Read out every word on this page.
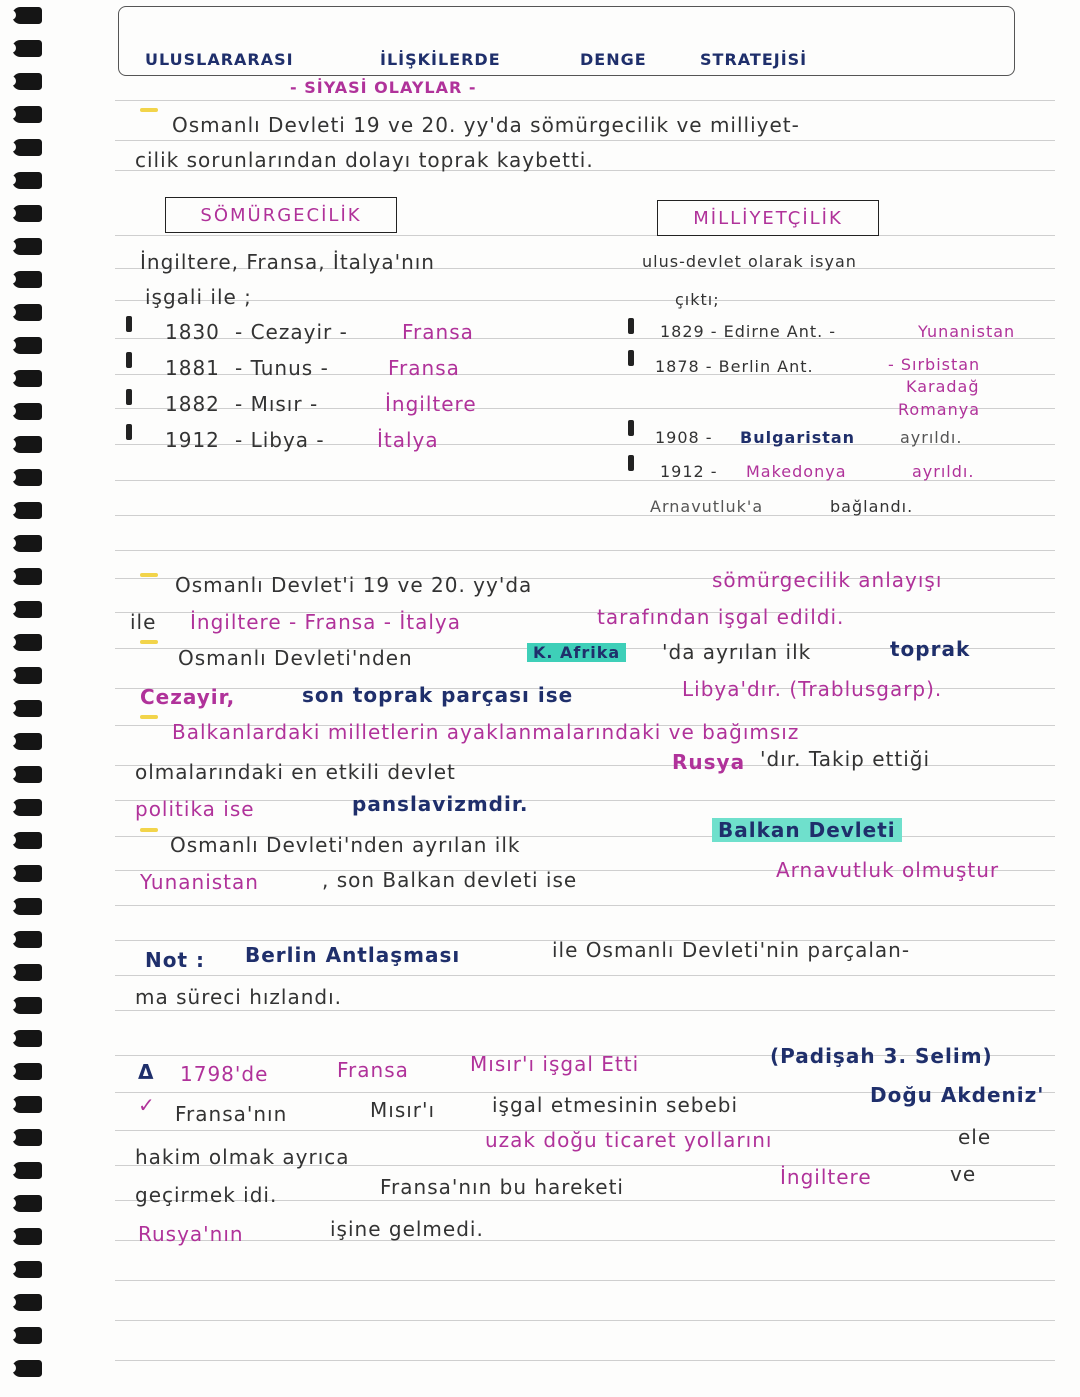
ULUSLARARASI	İLİŞKİLERDE	DENGE	STRATEJİSİ
- SİYASİ OLAYLAR -
Osmanlı Devleti 19 ve 20. yy'da sömürgecilik ve milliyet-
cilik sorunlarından dolayı toprak kaybetti.
SÖMÜRGECİLİK	MİLLİYETÇİLİK
İngiltere, Fransa, İtalya'nın
işgali ile ;
1830 - Cezayir -	Fransa
1881 - Tunus -	Fransa
1882 - Mısır -	İngiltere
1912 - Libya -	İtalya
ulus-devlet olarak isyan
çıktı;
1829 - Edirne Ant. -	Yunanistan
1878 - Berlin Ant.	- Sırbistan
Karadağ
Romanya
1908 - Bulgaristan	ayrıldı.
1912 - Makedonya	ayrıldı.
Arnavutluk'a	bağlandı.
Osmanlı Devlet'i 19 ve 20. yy'da	sömürgecilik anlayışı
ile İngiltere - Fransa - İtalya	tarafından işgal edildi.
Osmanlı Devleti'nden	K. Afrika	'da ayrılan ilk	toprak
Cezayir,	son toprak parçası ise	Libya'dır. (Trablusgarp).
Balkanlardaki milletlerin ayaklanmalarındaki ve bağımsız
olmalarındaki en etkili devlet	Rusya 'dır. Takip ettiği
politika ise	panslavizmdir.
Osmanlı Devleti'nden ayrılan ilk
Balkan Devleti
Yunanistan	, son Balkan devleti ise	Arnavutluk olmuştur
Not : Berlin Antlaşması	ile Osmanlı Devleti'nin parçalan-
ma süreci hızlandı.
Δ 1798'de	Fransa	Mısır'ı işgal Etti	(Padişah 3. Selim)
✓ Fransa'nın	Mısır'ı	işgal etmesinin sebebi	Doğu Akdeniz'
hakim olmak ayrıca
uzak doğu ticaret yollarını	ele
geçirmek idi.	Fransa'nın bu hareketi	İngiltere	ve
Rusya'nın	işine gelmedi.
